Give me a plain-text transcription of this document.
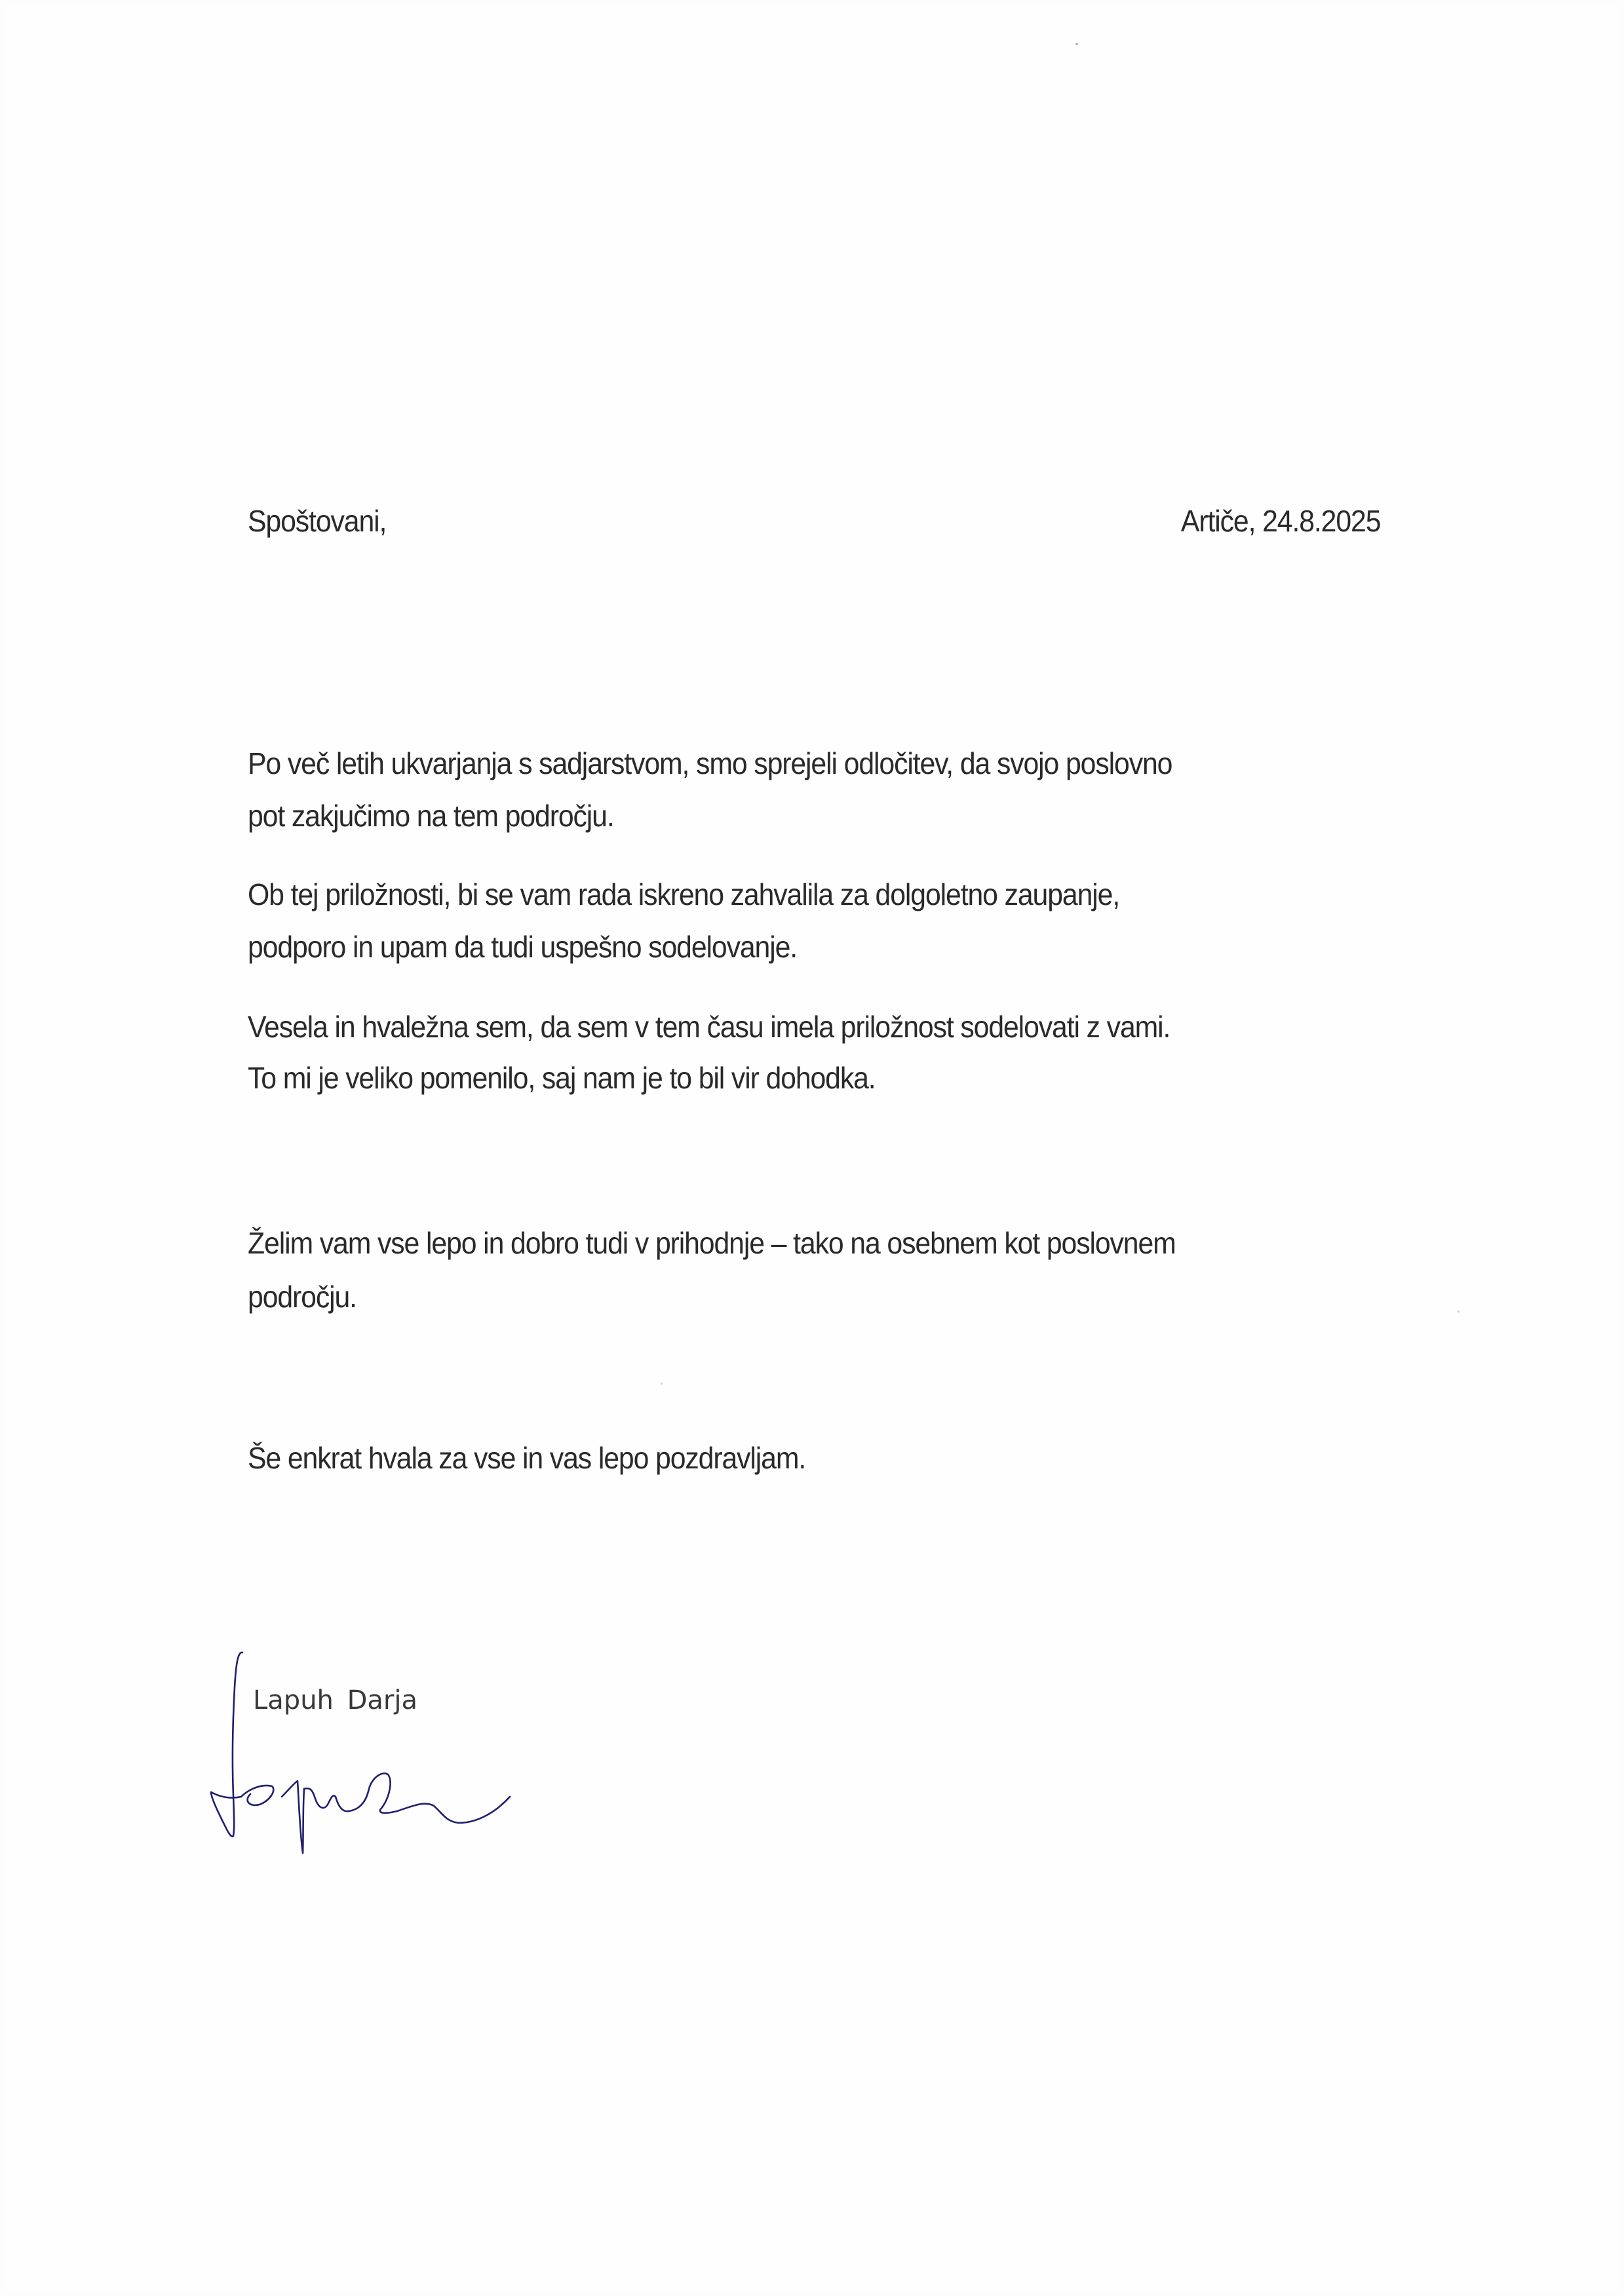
Spoštovani,	Artiče, 24.8.2025
Po več letih ukvarjanja s sadjarstvom, smo sprejeli odločitev, da svojo poslovno
pot zakjučimo na tem področju.
Ob tej priložnosti, bi se vam rada iskreno zahvalila za dolgoletno zaupanje,
podporo in upam da tudi uspešno sodelovanje.
Vesela in hvaležna sem, da sem v tem času imela priložnost sodelovati z vami.
To mi je veliko pomenilo, saj nam je to bil vir dohodka.
Želim vam vse lepo in dobro tudi v prihodnje – tako na osebnem kot poslovnem
področju.
Še enkrat hvala za vse in vas lepo pozdravljam.
Lapuh Darja
